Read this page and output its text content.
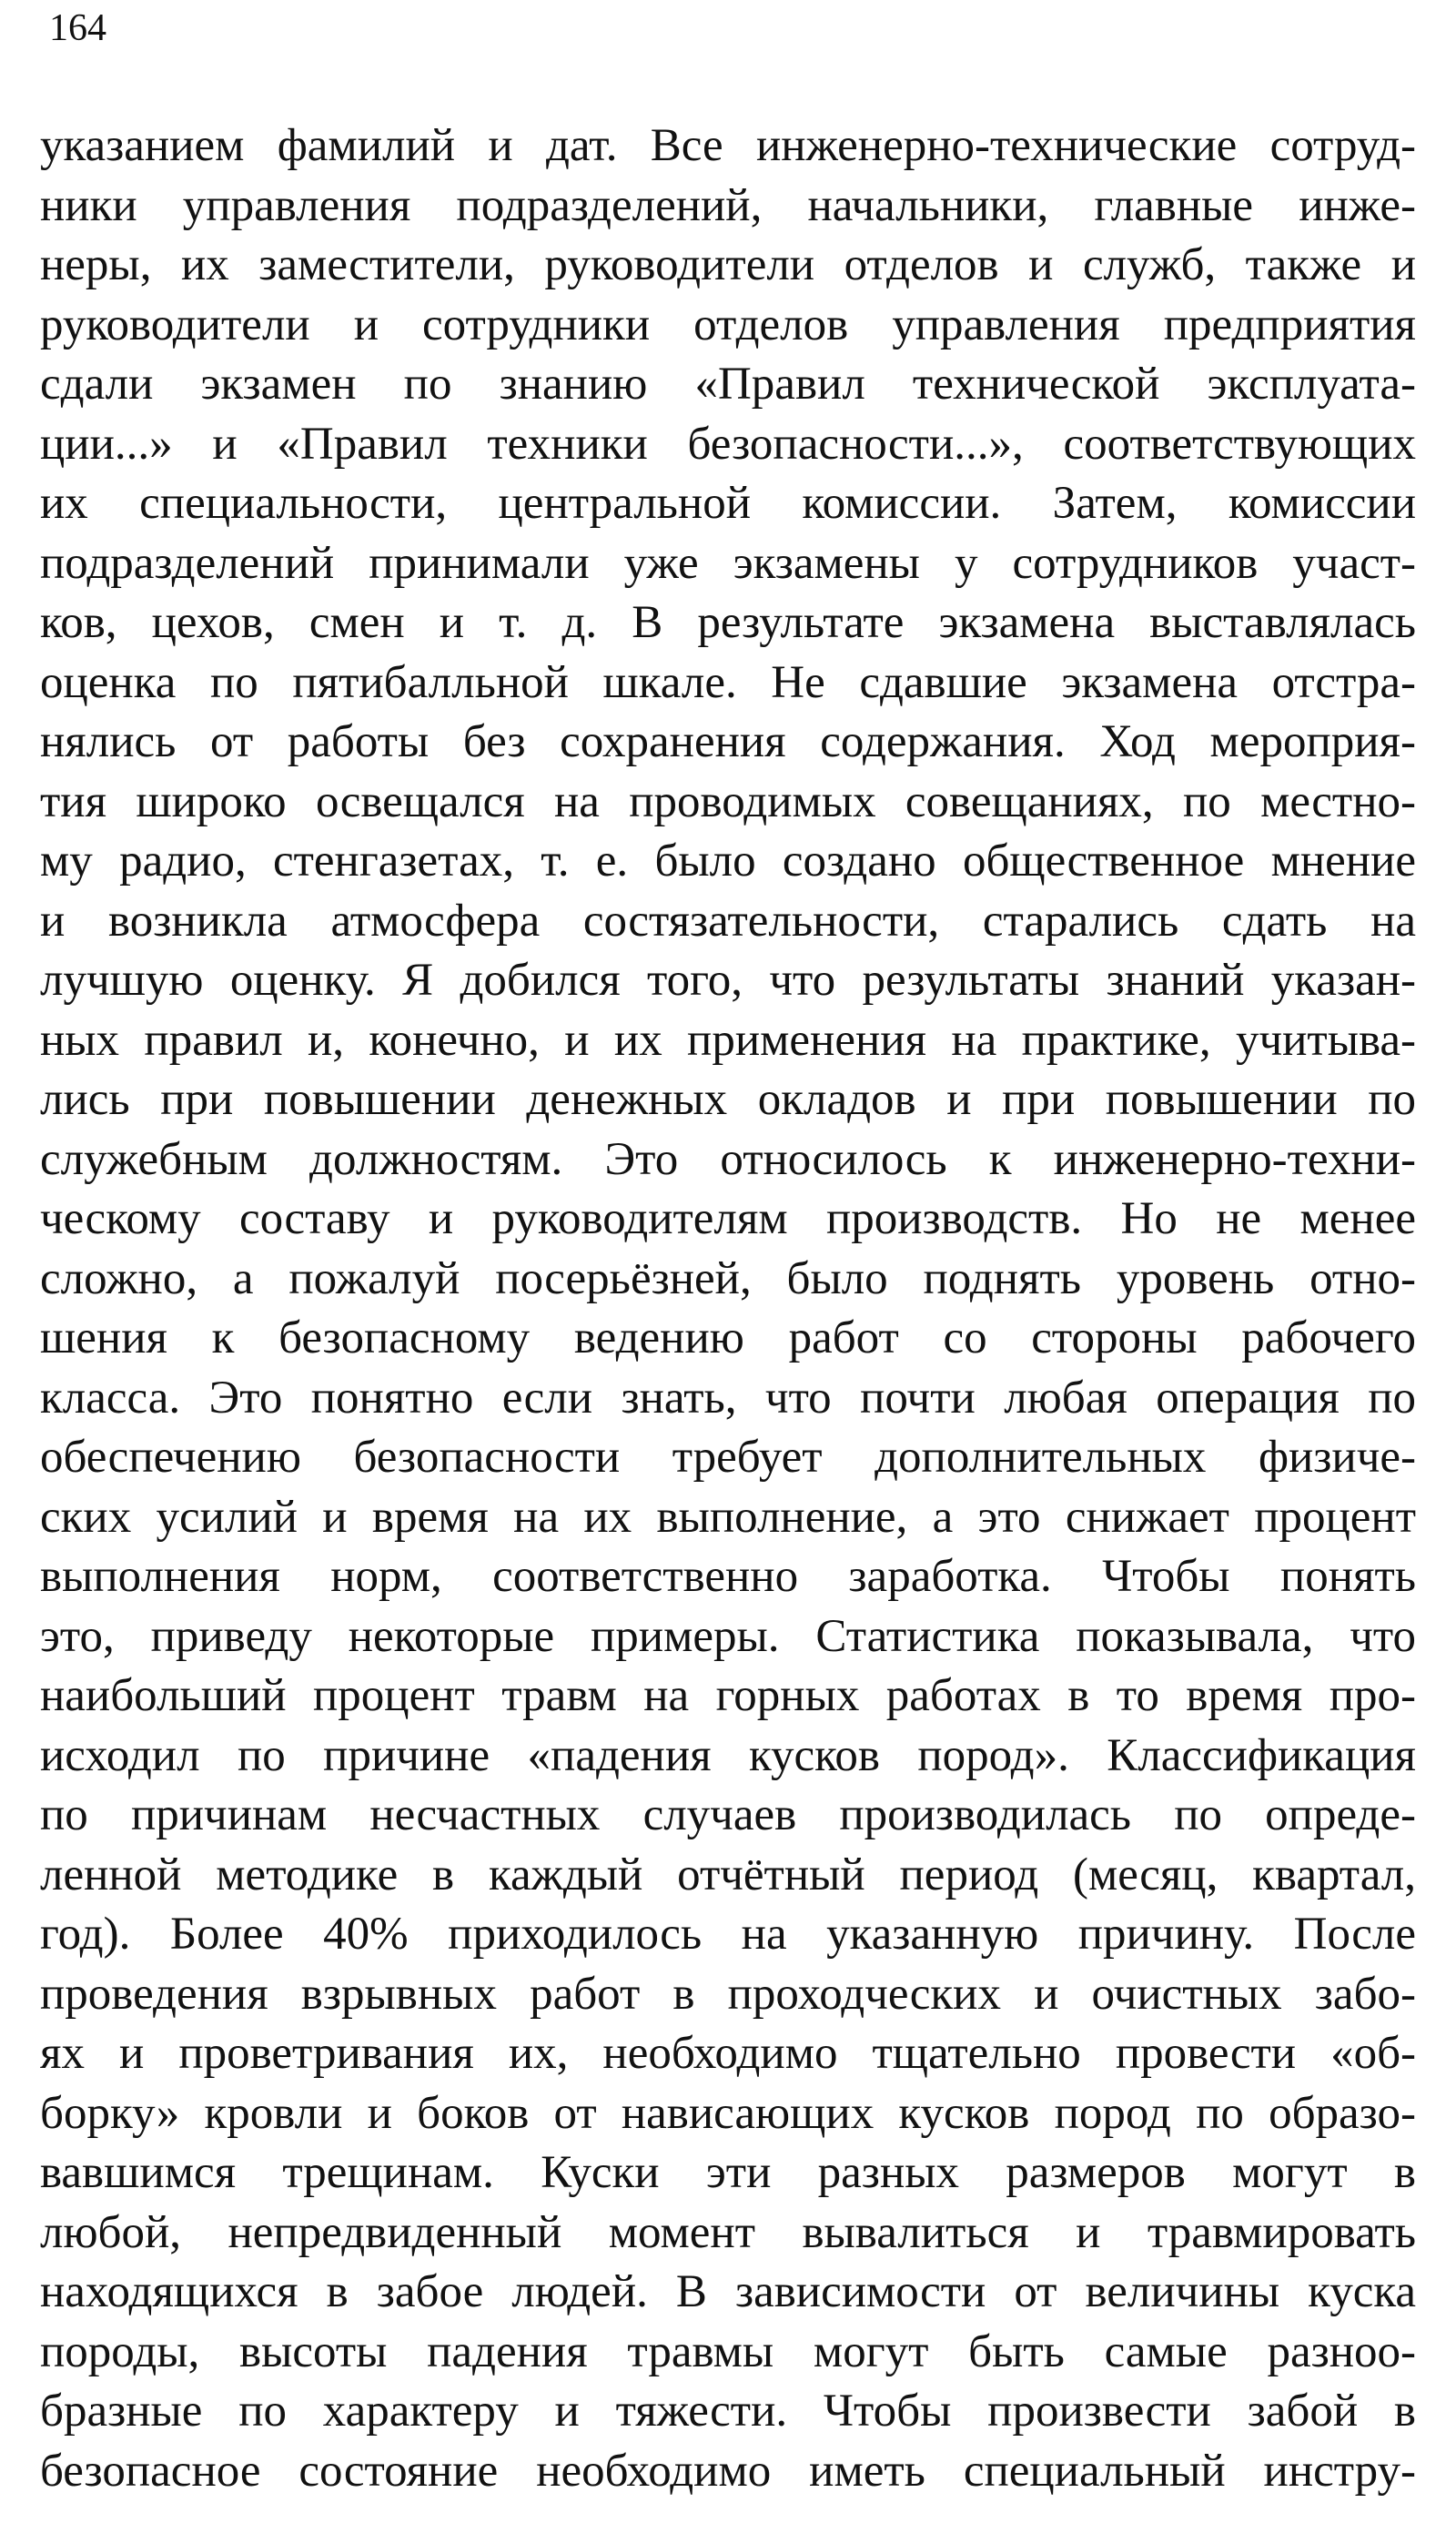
164
указанием фамилий и дат. Все инженерно-технические сотруд-
ники управления подразделений, начальники, главные инже-
неры, их заместители, руководители отделов и служб, также и
руководители и сотрудники отделов управления предприятия
сдали экзамен по знанию «Правил технической эксплуата-
ции...» и «Правил техники безопасности...», соответствующих
их специальности, центральной комиссии. Затем, комиссии
подразделений принимали уже экзамены у сотрудников участ-
ков, цехов, смен и т. д. В результате экзамена выставлялась
оценка по пятибалльной шкале. Не сдавшие экзамена отстра-
нялись от работы без сохранения содержания. Ход мероприя-
тия широко освещался на проводимых совещаниях, по местно-
му радио, стенгазетах, т. е. было создано общественное мнение
и возникла атмосфера состязательности, старались сдать на
лучшую оценку. Я добился того, что результаты знаний указан-
ных правил и, конечно, и их применения на практике, учитыва-
лись при повышении денежных окладов и при повышении по
служебным должностям. Это относилось к инженерно-техни-
ческому составу и руководителям производств. Но не менее
сложно, а пожалуй посерьёзней, было поднять уровень отно-
шения к безопасному ведению работ со стороны рабочего
класса. Это понятно если знать, что почти любая операция по
обеспечению безопасности требует дополнительных физиче-
ских усилий и время на их выполнение, а это снижает процент
выполнения норм, соответственно заработка. Чтобы понять
это, приведу некоторые примеры. Статистика показывала, что
наибольший процент травм на горных работах в то время про-
исходил по причине «падения кусков пород». Классификация
по причинам несчастных случаев производилась по опреде-
ленной методике в каждый отчётный период (месяц, квартал,
год). Более 40% приходилось на указанную причину. После
проведения взрывных работ в проходческих и очистных забо-
ях и проветривания их, необходимо тщательно провести «об-
борку» кровли и боков от нависающих кусков пород по образо-
вавшимся трещинам. Куски эти разных размеров могут в
любой, непредвиденный момент вывалиться и травмировать
находящихся в забое людей. В зависимости от величины куска
породы, высоты падения травмы могут быть самые разноо-
бразные по характеру и тяжести. Чтобы произвести забой в
безопасное состояние необходимо иметь специальный инстру-
